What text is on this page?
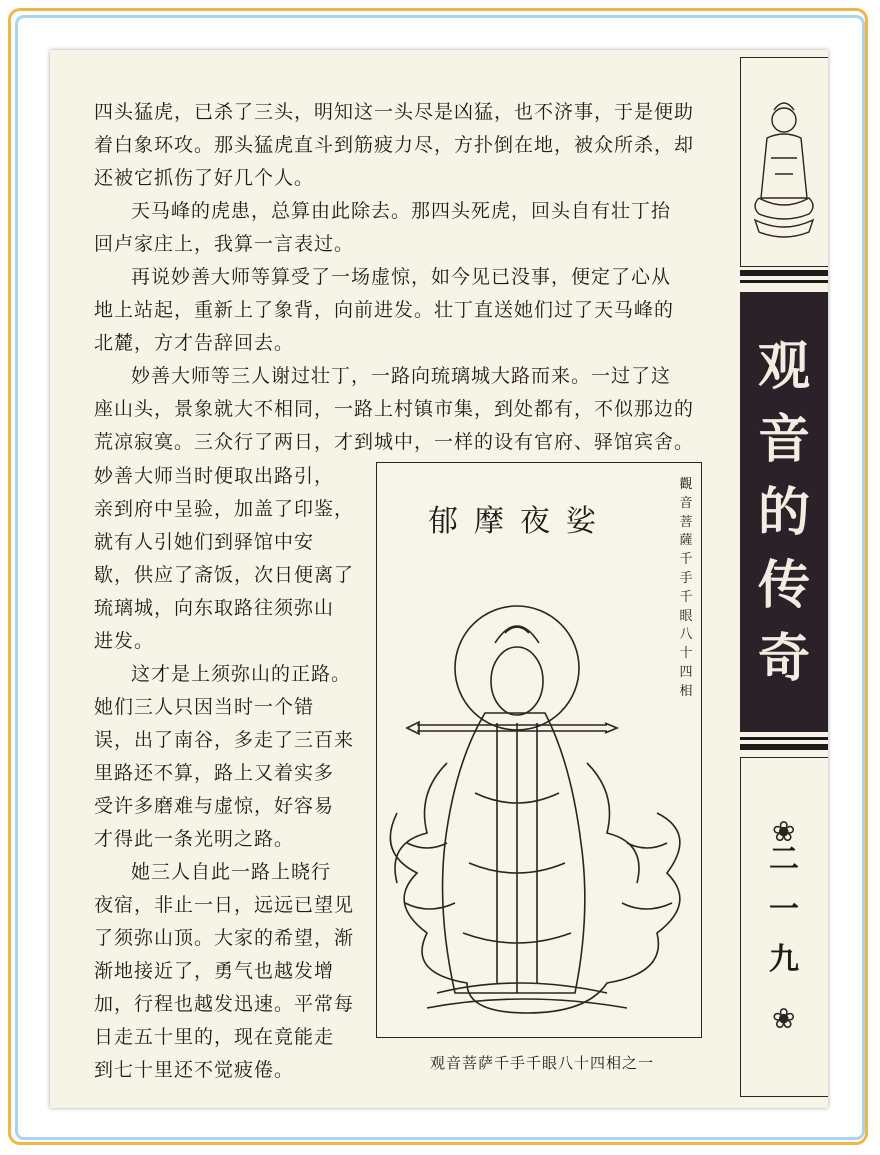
四头猛虎，已杀了三头，明知这一头尽是凶猛，也不济事，于是便助
着白象环攻。那头猛虎直斗到筋疲力尽，方扑倒在地，被众所杀，却
还被它抓伤了好几个人。
天马峰的虎患，总算由此除去。那四头死虎，回头自有壮丁抬
回卢家庄上，我算一言表过。
再说妙善大师等算受了一场虚惊，如今见已没事，便定了心从
地上站起，重新上了象背，向前进发。壮丁直送她们过了天马峰的
北麓，方才告辞回去。
妙善大师等三人谢过壮丁，一路向琉璃城大路而来。一过了这
座山头，景象就大不相同，一路上村镇市集，到处都有，不似那边的
荒凉寂寞。三众行了两日，才到城中，一样的设有官府、驿馆宾舍。
妙善大师当时便取出路引，
亲到府中呈验，加盖了印鉴，
就有人引她们到驿馆中安
歇，供应了斋饭，次日便离了
琉璃城，向东取路往须弥山
进发。
这才是上须弥山的正路。
她们三人只因当时一个错
误，出了南谷，多走了三百来
里路还不算，路上又着实多
受许多磨难与虚惊，好容易
才得此一条光明之路。
她三人自此一路上晓行
夜宿，非止一日，远远已望见
了须弥山顶。大家的希望，渐
渐地接近了，勇气也越发增
加，行程也越发迅速。平常每
日走五十里的，现在竟能走
到七十里还不觉疲倦。
郁摩夜娑
觀音菩薩千手千眼八十四相
观音菩萨千手千眼八十四相之一
观音的传奇
❀
二一九
❀
